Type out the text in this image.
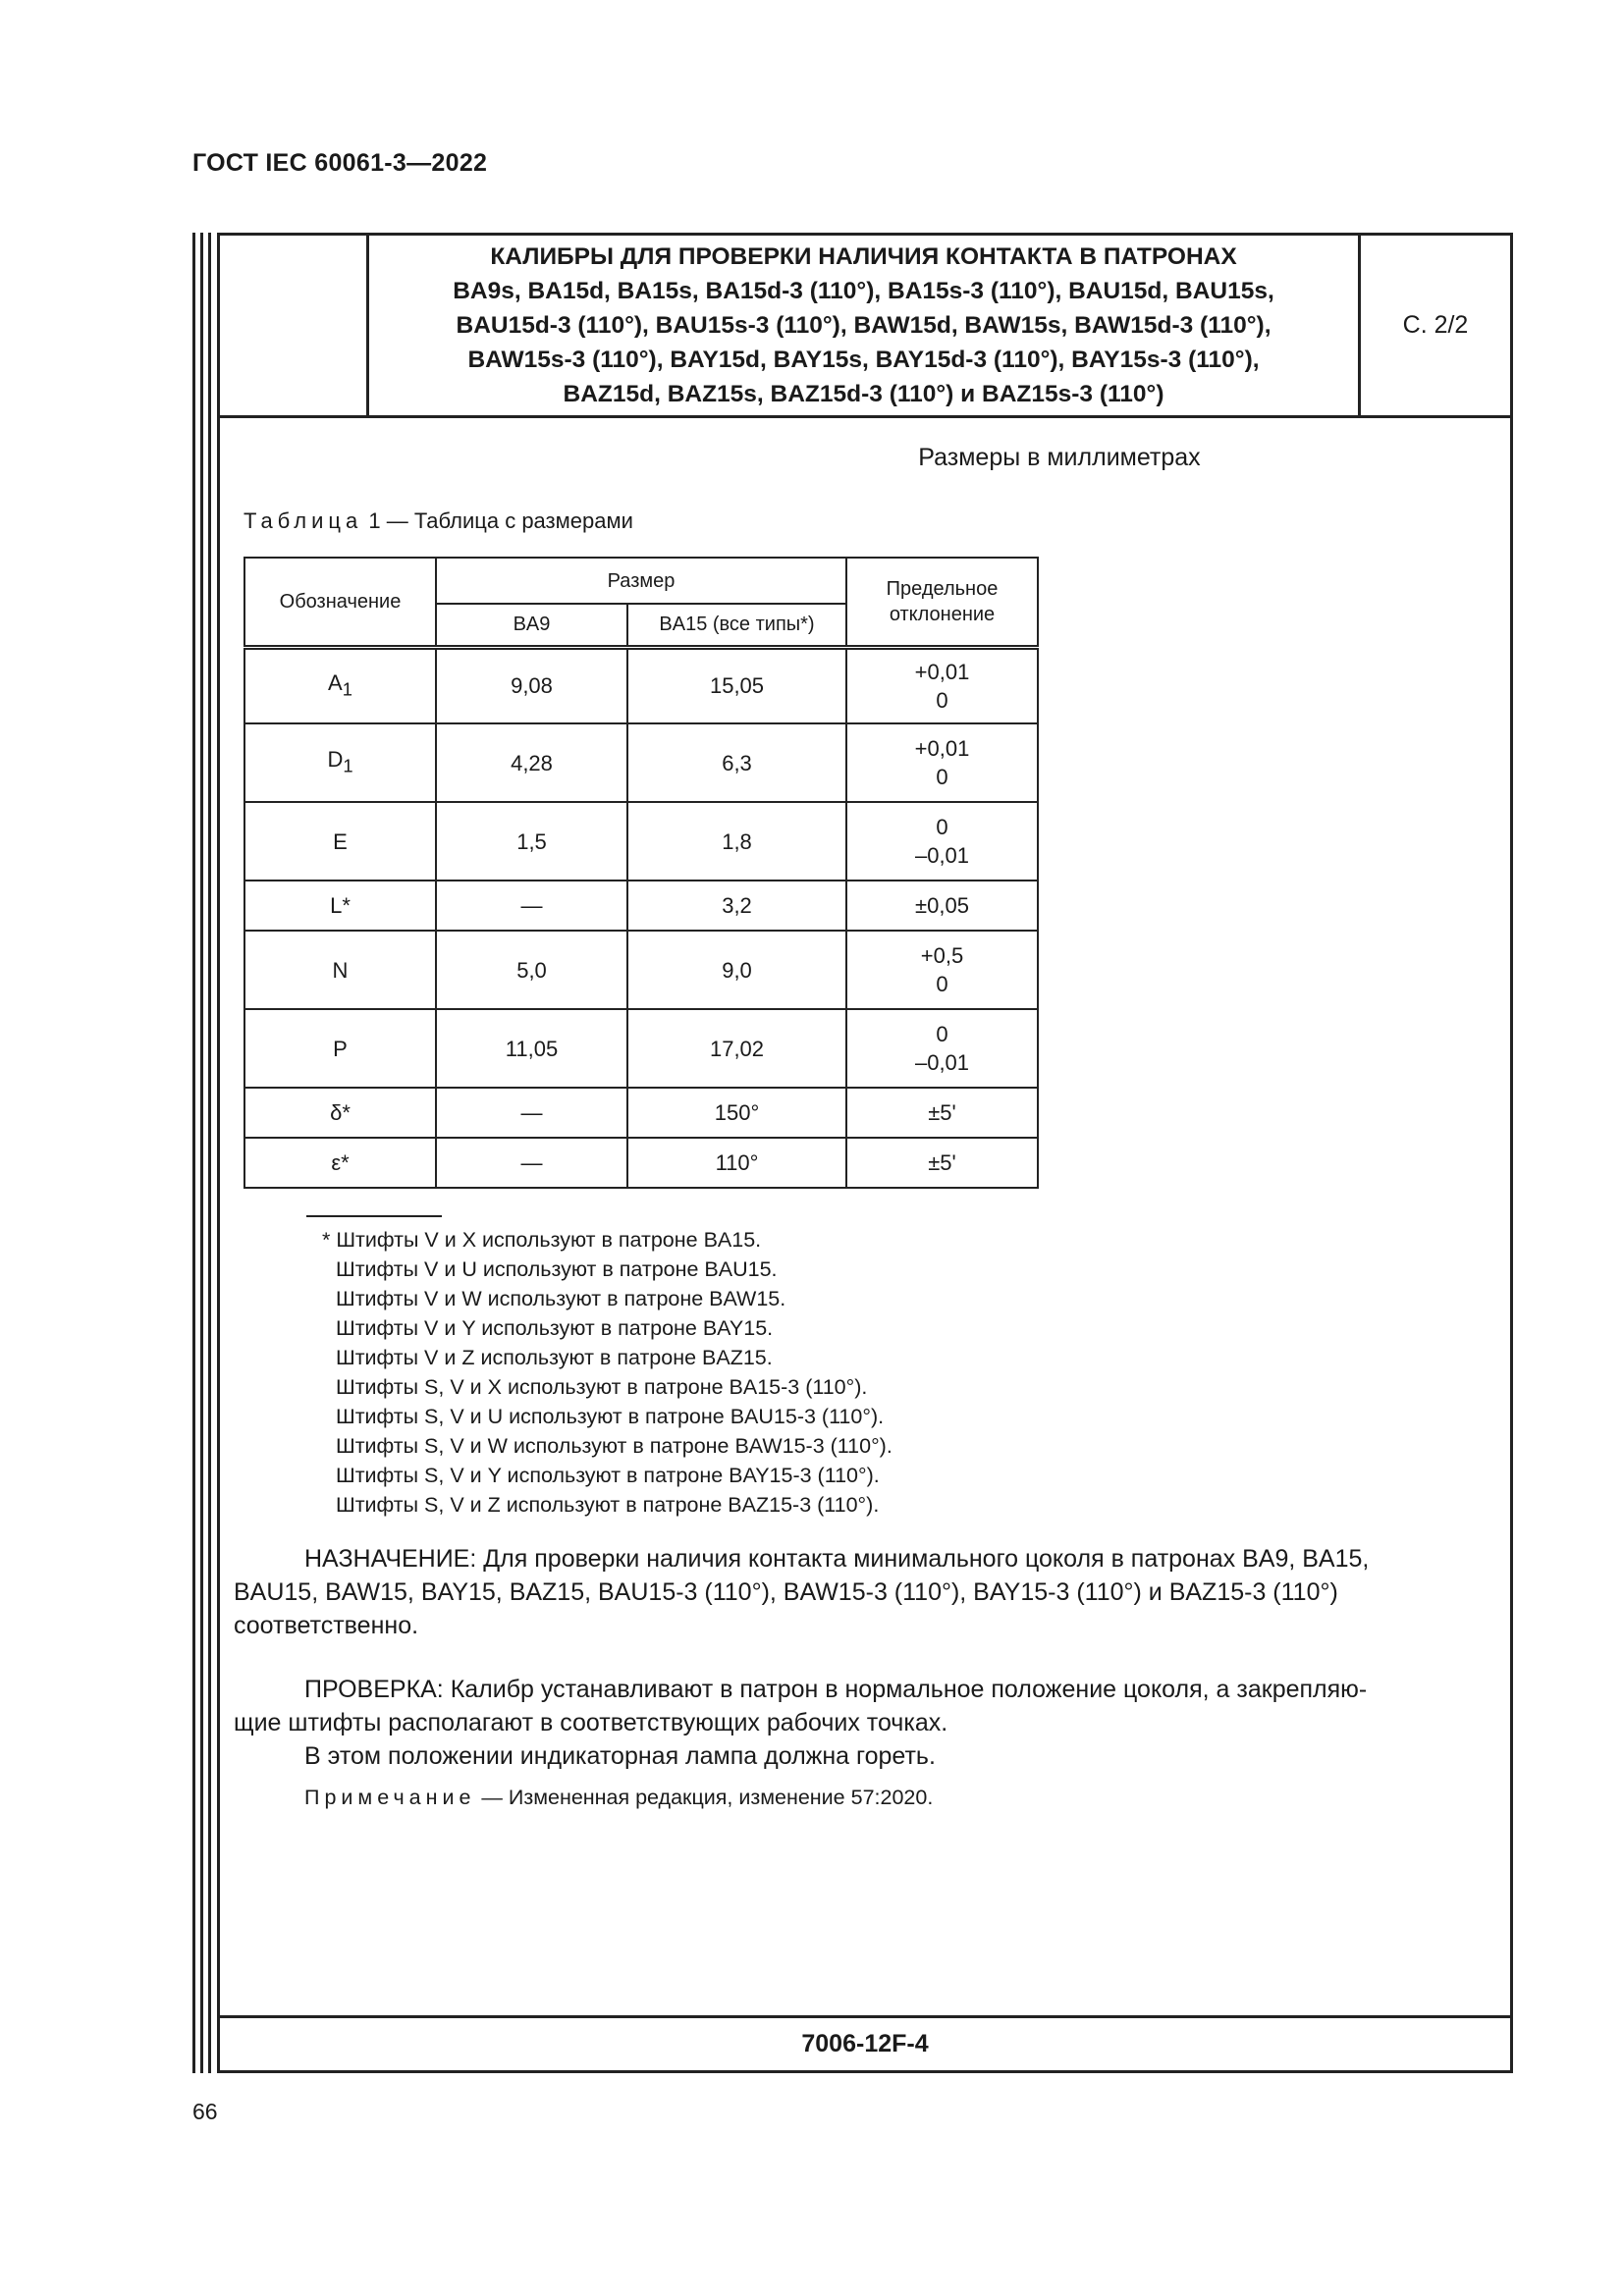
ГОСТ IEC 60061-3—2022
КАЛИБРЫ ДЛЯ ПРОВЕРКИ НАЛИЧИЯ КОНТАКТА В ПАТРОНАХ
BA9s, BA15d, BA15s, BA15d-3 (110°), BA15s-3 (110°), BAU15d, BAU15s,
BAU15d-3 (110°), BAU15s-3 (110°), BAW15d, BAW15s, BAW15d-3 (110°),
BAW15s-3 (110°), BAY15d, BAY15s, BAY15d-3 (110°), BAY15s-3 (110°),
BAZ15d, BAZ15s, BAZ15d-3 (110°) и BAZ15s-3 (110°)
С. 2/2
Размеры в миллиметрах
Таблица 1 — Таблица с размерами
Обозначение	Размер		Предельное отклонение
	BA9	BA15 (все типы*)	
$A_1$	9,08	15,05	+0,01
0

$D_1$	4,28	6,3	+0,01
0

E	1,5	1,8	0
–0,01

L*	—	3,2	±0,05
N	5,0	9,0	+0,5
0

P	11,05	17,02	0
–0,01

δ*	—	150°	±5'
ε*	—	110°	±5'
* Штифты V и X используют в патроне BA15.
Штифты V и U используют в патроне BAU15.
Штифты V и W используют в патроне BAW15.
Штифты V и Y используют в патроне BAY15.
Штифты V и Z используют в патроне BAZ15.
Штифты S, V и X используют в патроне BA15-3 (110°).
Штифты S, V и U используют в патроне BAU15-3 (110°).
Штифты S, V и W используют в патроне BAW15-3 (110°).
Штифты S, V и Y используют в патроне BAY15-3 (110°).
Штифты S, V и Z используют в патроне BAZ15-3 (110°).
НАЗНАЧЕНИЕ: Для проверки наличия контакта минимального цоколя в патронах BA9, BA15,
BAU15, BAW15, BAY15, BAZ15, BAU15-3 (110°), BAW15-3 (110°), BAY15-3 (110°) и BAZ15-3 (110°)
соответственно.
ПРОВЕРКА: Калибр устанавливают в патрон в нормальное положение цоколя, а закрепляю-
щие штифты располагают в соответствующих рабочих точках.
В этом положении индикаторная лампа должна гореть.
Примечание — Измененная редакция, изменение 57:2020.
7006-12F-4
66
